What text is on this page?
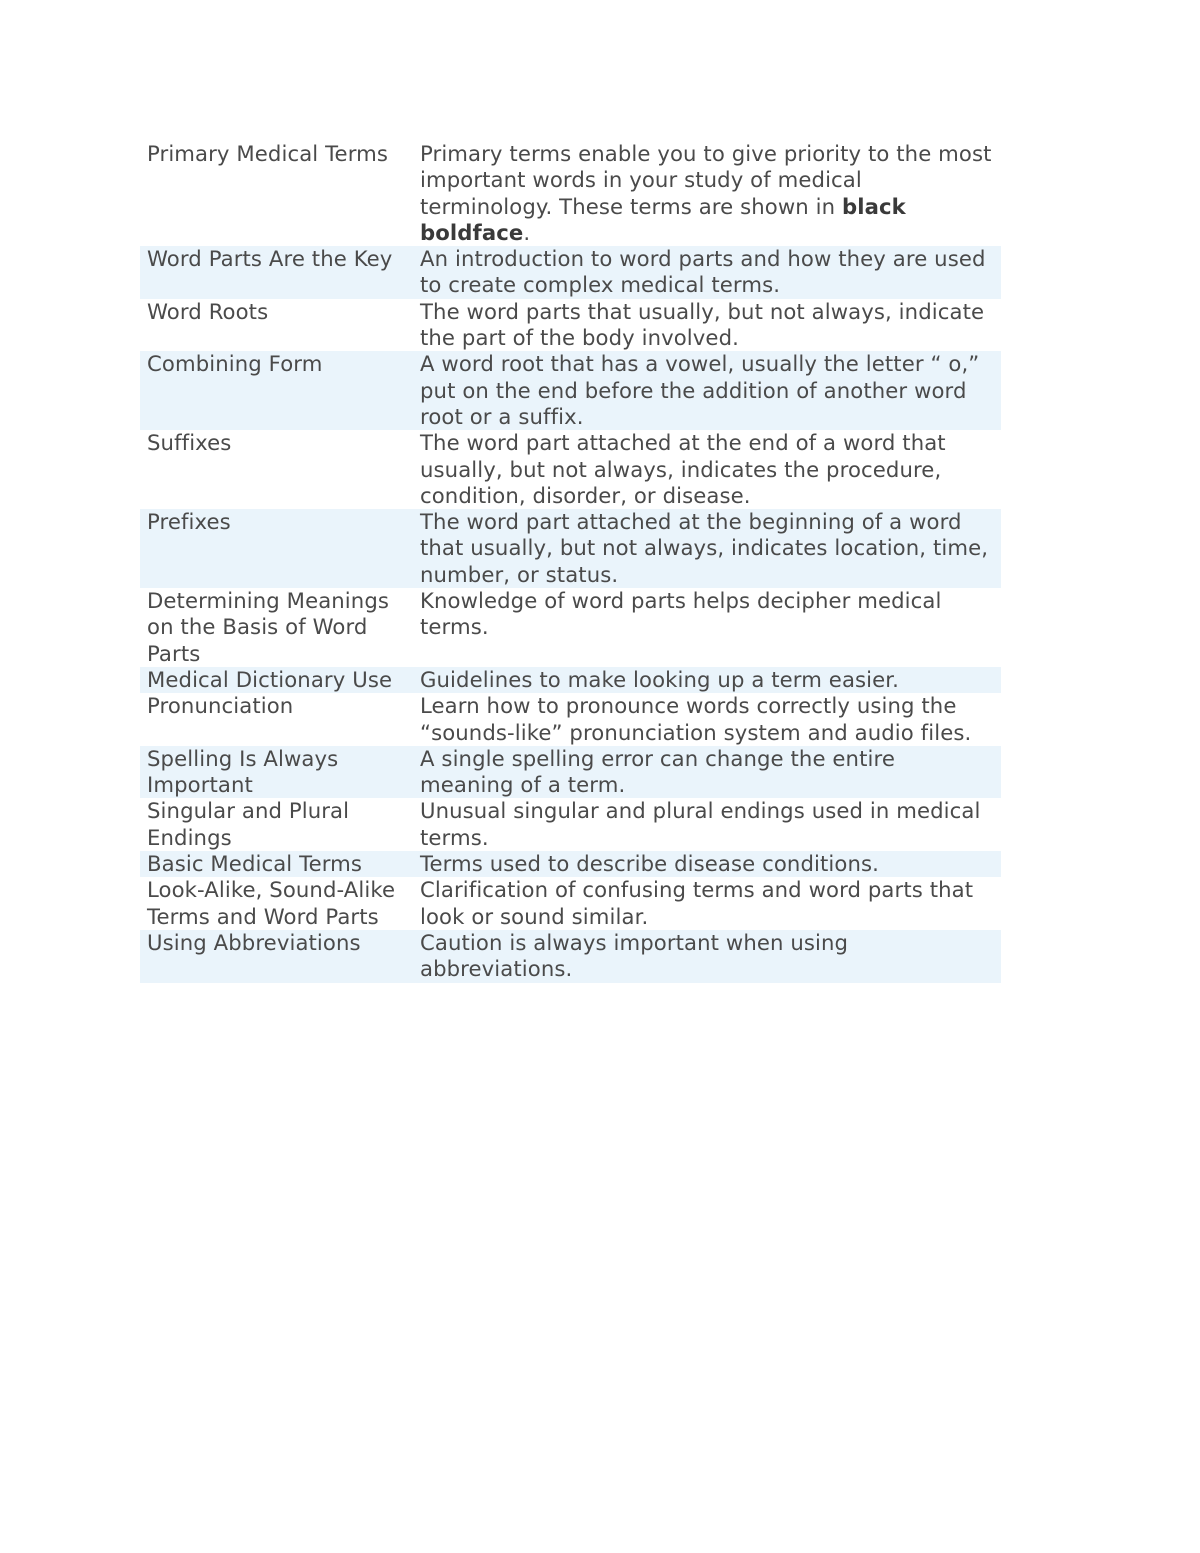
Primary Medical Terms	Primary terms enable you to give priority to the most important words in your study of medical terminology. These terms are shown in black boldface.
Word Parts Are the Key	An introduction to word parts and how they are used to create complex medical terms.
Word Roots	The word parts that usually, but not always, indicate the part of the body involved.
Combining Form	A word root that has a vowel, usually the letter “ o,” put on the end before the addition of another word root or a suffix.
Suffixes	The word part attached at the end of a word that usually, but not always, indicates the procedure, condition, disorder, or disease.
Prefixes	The word part attached at the beginning of a word that usually, but not always, indicates location, time, number, or status.
Determining Meanings on the Basis of Word Parts	Knowledge of word parts helps decipher medical terms.
Medical Dictionary Use	Guidelines to make looking up a term easier.
Pronunciation	Learn how to pronounce words correctly using the “sounds-like” pronunciation system and audio files.
Spelling Is Always Important	A single spelling error can change the entire meaning of a term.
Singular and Plural Endings	Unusual singular and plural endings used in medical terms.
Basic Medical Terms	Terms used to describe disease conditions.
Look-Alike, Sound-Alike Terms and Word Parts	Clarification of confusing terms and word parts that look or sound similar.
Using Abbreviations	Caution is always important when using abbreviations.
